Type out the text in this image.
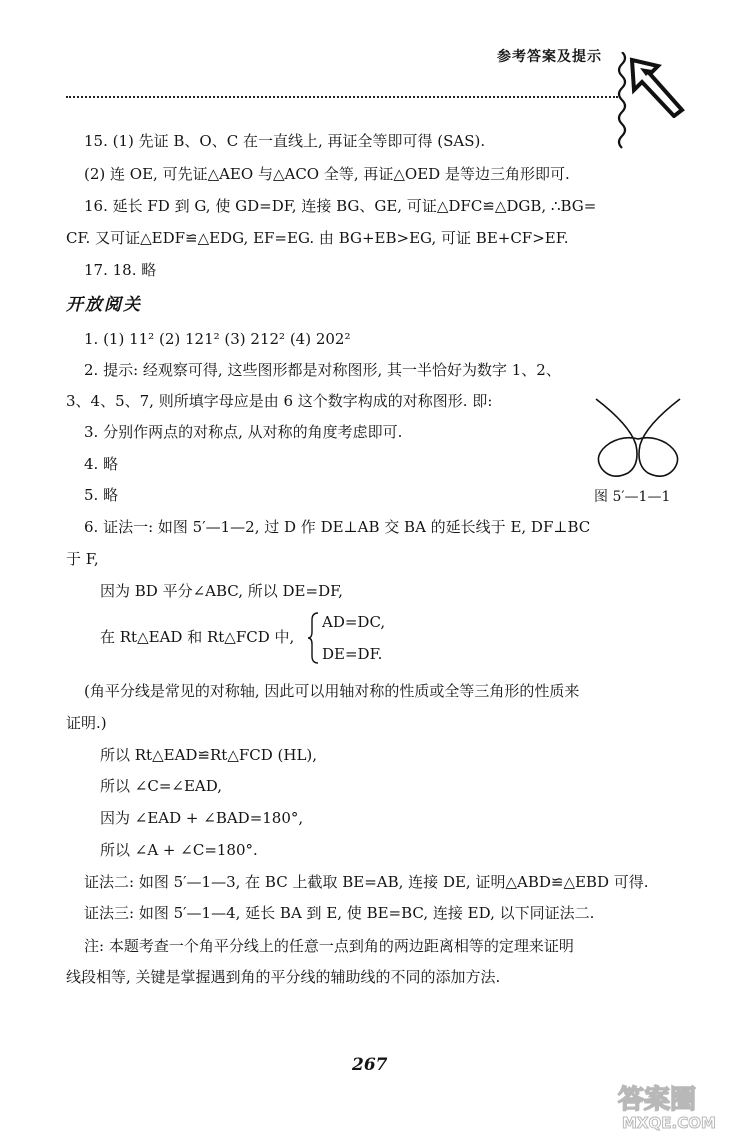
参考答案及提示
15. (1) 先证 B、O、C 在一直线上, 再证全等即可得 (SAS).
(2) 连 OE, 可先证△AEO 与△ACO 全等, 再证△OED 是等边三角形即可.
16. 延长 FD 到 G, 使 GD=DF, 连接 BG、GE, 可证△DFC≌△DGB, ∴BG=
CF. 又可证△EDF≌△EDG, EF=EG. 由 BG+EB>EG, 可证 BE+CF>EF.
17. 18. 略
开放阅关
1. (1) 11² (2) 121² (3) 212² (4) 202²
2. 提示: 经观察可得, 这些图形都是对称图形, 其一半恰好为数字 1、2、
3、4、5、7, 则所填字母应是由 6 这个数字构成的对称图形. 即:
3. 分别作两点的对称点, 从对称的角度考虑即可.
4. 略
5. 略	图 5′—1—1
6. 证法一: 如图 5′—1—2, 过 D 作 DE⊥AB 交 BA 的延长线于 E, DF⊥BC
于 F,
因为 BD 平分∠ABC, 所以 DE=DF,
在 Rt△EAD 和 Rt△FCD 中,
AD=DC,
DE=DF.
(角平分线是常见的对称轴, 因此可以用轴对称的性质或全等三角形的性质来
证明.)
所以 Rt△EAD≌Rt△FCD (HL),
所以 ∠C=∠EAD,
因为 ∠EAD + ∠BAD=180°,
所以 ∠A + ∠C=180°.
证法二: 如图 5′—1—3, 在 BC 上截取 BE=AB, 连接 DE, 证明△ABD≌△EBD 可得.
证法三: 如图 5′—1—4, 延长 BA 到 E, 使 BE=BC, 连接 ED, 以下同证法二.
注: 本题考查一个角平分线上的任意一点到角的两边距离相等的定理来证明
线段相等, 关键是掌握遇到角的平分线的辅助线的不同的添加方法.
267
答案圈
MXQE.COM
